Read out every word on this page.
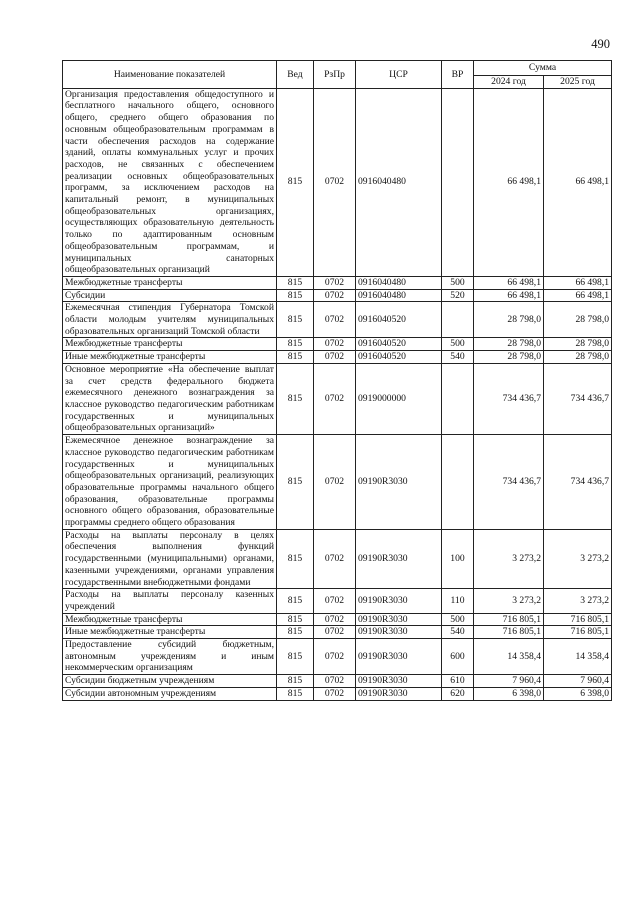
490
Наименование показателей	Вед	РзПр	ЦСР	ВР	Сумма	
					2024 год	2025 год
Организация предоставления общедоступного и бесплатного начального общего, основного общего, среднего общего образования по основным общеобразовательным программам в части обеспечения расходов на содержание зданий, оплаты коммунальных услуг и прочих расходов, не связанных с обеспечением реализации основных общеобразовательных программ, за исключением расходов на капитальный ремонт, в муниципальных общеобразовательных организациях, осуществляющих образовательную деятельность только по адаптированным основным общеобразовательным программам, и муниципальных санаторных общеобразовательных организаций	815	0702	0916040480		66 498,1	66 498,1
Межбюджетные трансферты	815	0702	0916040480	500	66 498,1	66 498,1
Субсидии	815	0702	0916040480	520	66 498,1	66 498,1
Ежемесячная стипендия Губернатора Томской области молодым учителям муниципальных образовательных организаций Томской области	815	0702	0916040520		28 798,0	28 798,0
Межбюджетные трансферты	815	0702	0916040520	500	28 798,0	28 798,0
Иные межбюджетные трансферты	815	0702	0916040520	540	28 798,0	28 798,0
Основное мероприятие «На обеспечение выплат за счет средств федерального бюджета ежемесячного денежного вознаграждения за классное руководство педагогическим работникам государственных и муниципальных общеобразовательных организаций»	815	0702	0919000000		734 436,7	734 436,7
Ежемесячное денежное вознаграждение за классное руководство педагогическим работникам государственных и муниципальных общеобразовательных организаций, реализующих образовательные программы начального общего образования, образовательные программы основного общего образования, образовательные программы среднего общего образования	815	0702	09190R3030		734 436,7	734 436,7
Расходы на выплаты персоналу в целях обеспечения выполнения функций государственными (муниципальными) органами, казенными учреждениями, органами управления государственными внебюджетными фондами	815	0702	09190R3030	100	3 273,2	3 273,2
Расходы на выплаты персоналу казенных учреждений	815	0702	09190R3030	110	3 273,2	3 273,2
Межбюджетные трансферты	815	0702	09190R3030	500	716 805,1	716 805,1
Иные межбюджетные трансферты	815	0702	09190R3030	540	716 805,1	716 805,1
Предоставление субсидий бюджетным, автономным учреждениям и иным некоммерческим организациям	815	0702	09190R3030	600	14 358,4	14 358,4
Субсидии бюджетным учреждениям	815	0702	09190R3030	610	7 960,4	7 960,4
Субсидии автономным учреждениям	815	0702	09190R3030	620	6 398,0	6 398,0
